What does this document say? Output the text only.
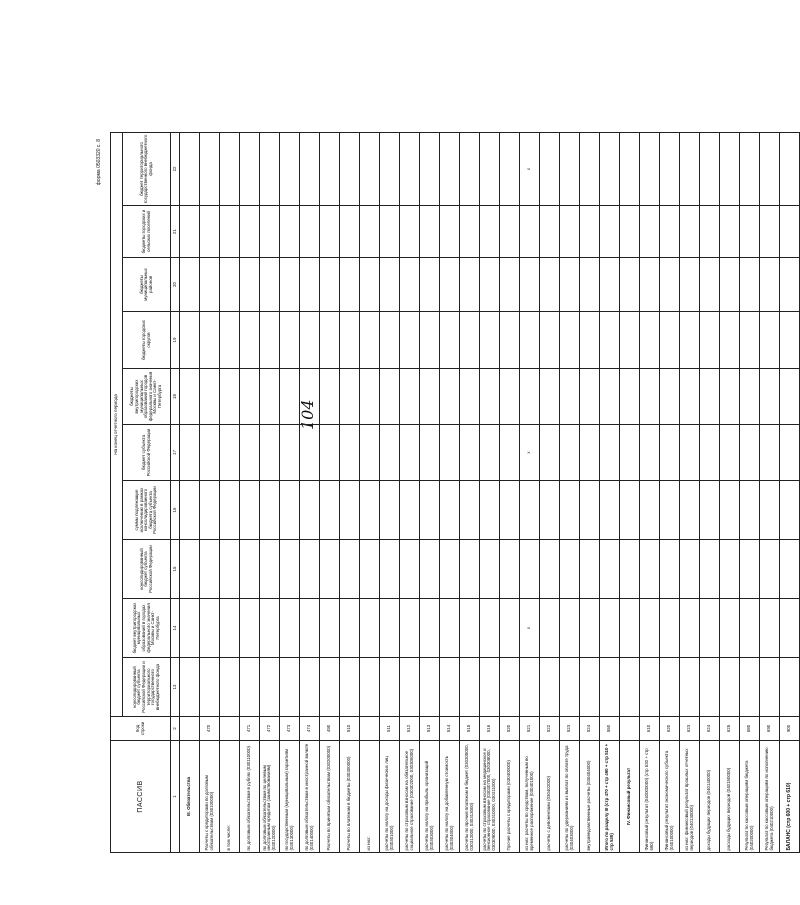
104
форма 0503320 с. 8
ПАССИВ	Код строки	На конец отчетного периода									
		консолидированный бюджет субъекта Российской Федерации и территориального государственного внебюджетного фонда	бюджет внутригородских муниципальных образований в городах федерального значения Москвы и Санкт-Петербурга	консолидированный бюджет субъекта Российской Федерации	суммы подлежащие исключению в рамках консолидированного бюджета субъекта Российской Федерации	бюджет субъекта Российской Федерации	бюджеты внутригородских муниципальных образований городов федерального значения Москвы и Санкт-Петербурга	бюджеты городских округов	бюджеты муниципальных районов	бюджеты городских и сельских поселений	бюджет территориального государственного внебюджетного фонда
1	2	13	14	15	16	17	18	19	20	21	22
III. Обязательства											
Расчеты с кредиторами по долговым обязательствам (030100000)	470										
в том числе:											
по долговым обязательствам в рублях (030110000)	471										
по долговым обязательствам по целевым иностранным кредитам (заимствованиям) (030120000)	472										
по государственным (муниципальным) гарантиям (030130000)	473										
по долговым обязательствам в иностранной валюте (030140000)	474										
Расчеты по принятым обязательствам (030200000)	490										
Расчеты по платежам в бюджеты (030300000)	510										
из них:											
расчеты по налогу на доходы физических лиц (030301000)	511										
расчеты по страховым взносам на обязательное социальное страхование (030302000, 030306000)	512										
расчеты по налогу на прибыль организаций (030303000)	513										
расчеты по налогу на добавленную стоимость (030304000)	514										
расчеты по прочим платежам в бюджет (030305000, 030312000, 030313000)	515										
расчеты по страховым взносам на медицинское и пенсионное страхование (030307000, 030308000, 030309000, 030310000, 030311000)	516										
Прочие расчеты с кредиторами (030400000)	520										
из них: расчеты по средствам, полученным во временное распоряжение (030401000)	521		x			x					x
расчеты с депонентами (030402000)	522										
расчеты по удержаниям из выплат по оплате труда (030403000)	523										
внутриведомственные расчеты (030404000)	524										
Итого по разделу III (стр 470 + стр 490 + стр 510 + стр 530)	550										
IV. Финансовый результат											
Финансовый результат (040000000) (стр 620 + стр 680)	610										
Финансовый результат экономического субъекта (040100000)	620										
из них: финансовый результат прошлых отчетных периодов (040130000)	623										
доходы будущих периодов (040140000)	624										
расходы будущих периодов (040150000)	625										
Результат по кассовым операциям бюджета (040200000)	680										
Результат по кассовым операциям по исполнению бюджета (040210000)	690										
БАЛАНС (стр 600 + стр 610)	900										
